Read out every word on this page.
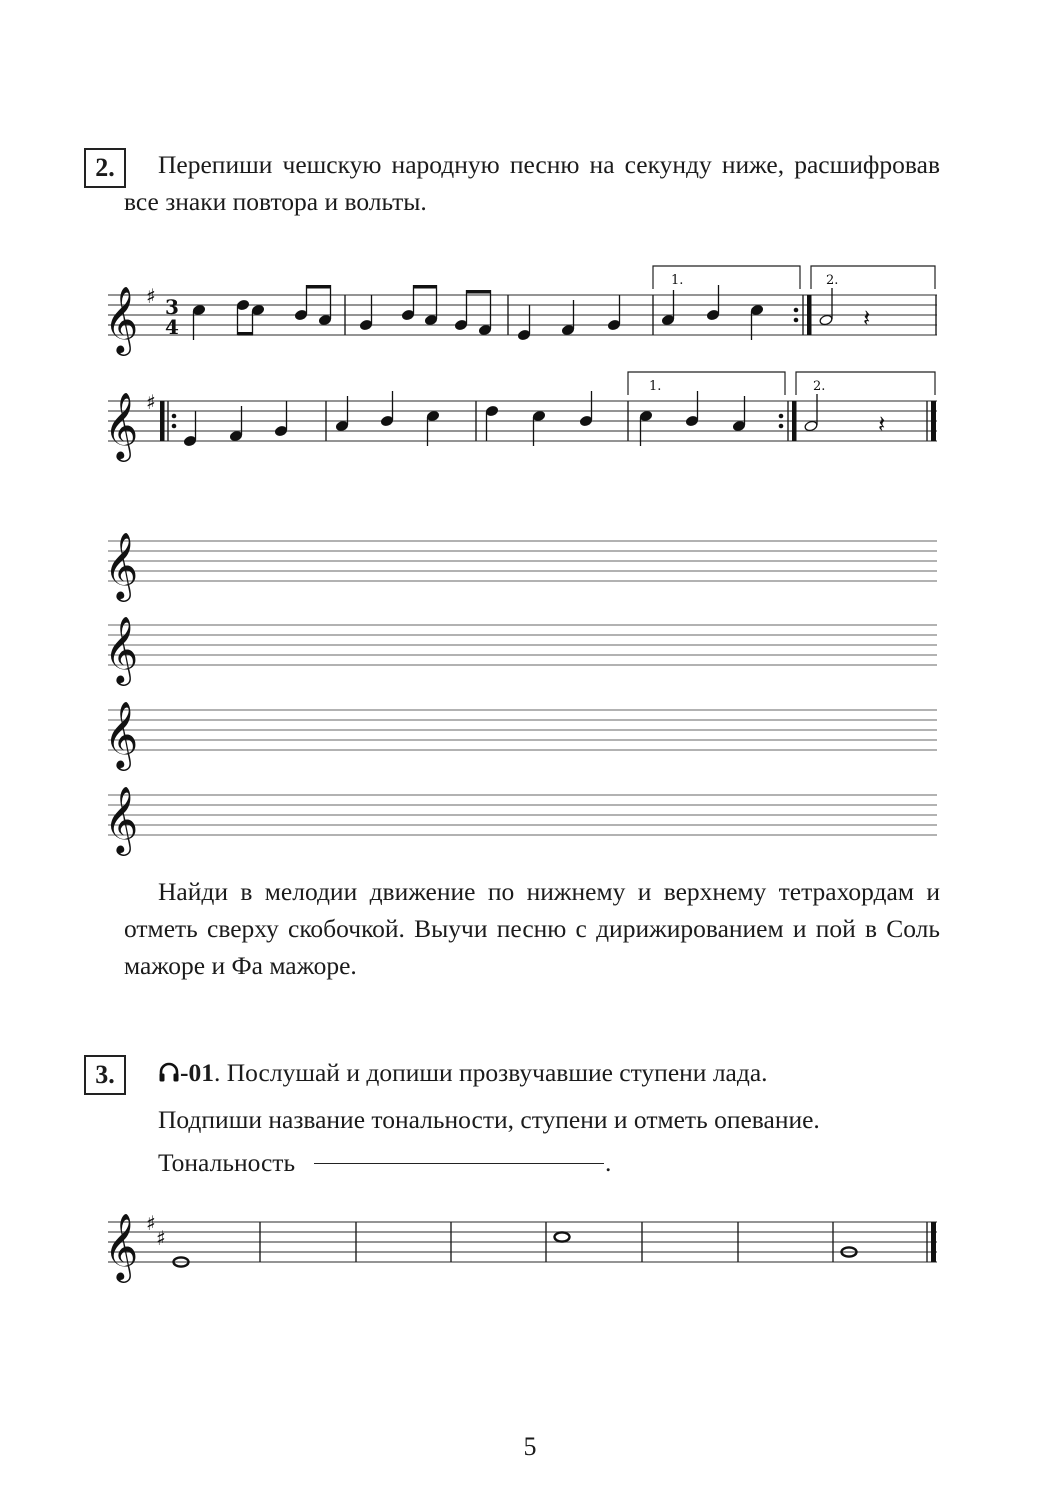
2.	Перепиши чешскую народную песню на секунду ниже, расшифровав все знаки повтора и вольты.

𝄞 ♯ 3
4
1.	2.
𝄽
𝄞 ♯
1.	2.
𝄽
𝄞
𝄞
𝄞
𝄞

Найди в мелодии движение по нижнему и верхнему тетрахордам и отметь сверху скобочкой. Выучи песню с дирижированием и пой в Соль мажоре и Фа мажоре.

3.	-01. Послушай и допиши прозвучавшие ступени лада.
Подпиши название тональности, ступени и отметь опевание.
Тональность	.
𝄞 ♯
♯
5
